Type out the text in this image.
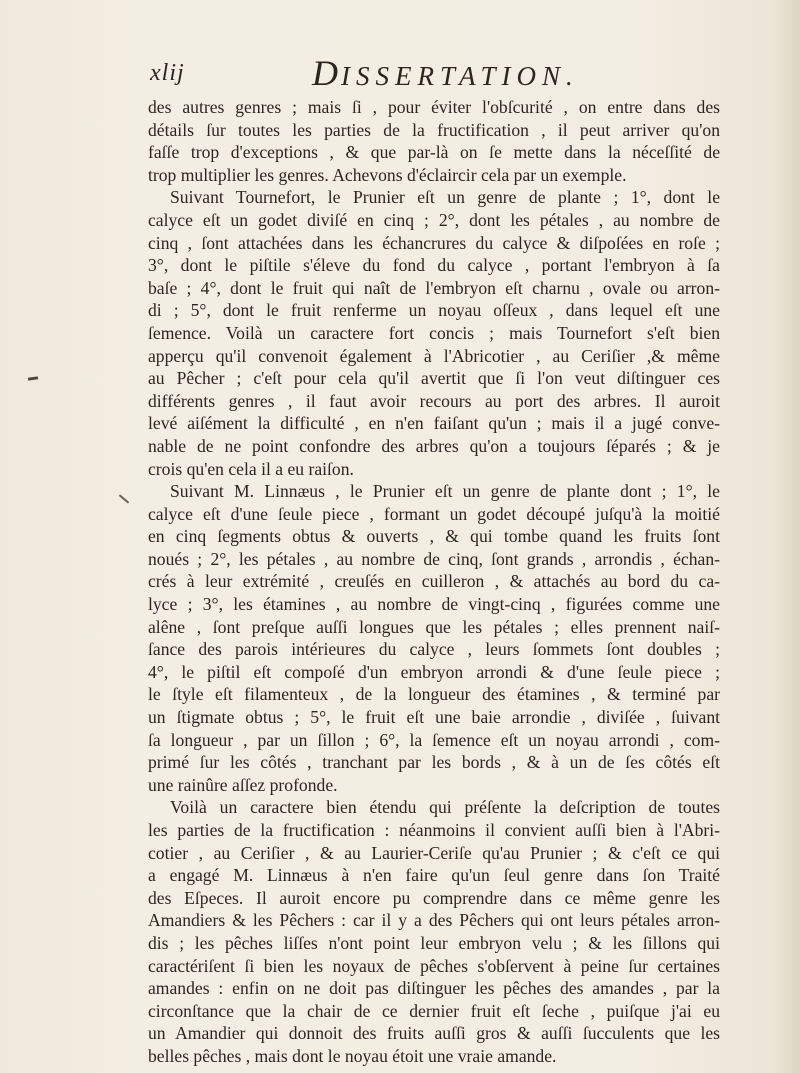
xlij	DISSERTATION.
des autres genres ; mais ſi , pour éviter l'obſcurité , on entre dans des
détails ſur toutes les parties de la fructification , il peut arriver qu'on
faſſe trop d'exceptions , & que par-là on ſe mette dans la néceſſité de
trop multiplier les genres. Achevons d'éclaircir cela par un exemple.
Suivant Tournefort, le Prunier eſt un genre de plante ; 1°, dont le
calyce eſt un godet diviſé en cinq ; 2°, dont les pétales , au nombre de
cinq , ſont attachées dans les échancrures du calyce & diſpoſées en roſe ;
3°, dont le piſtile s'éleve du fond du calyce , portant l'embryon à ſa
baſe ; 4°, dont le fruit qui naît de l'embryon eſt charnu , ovale ou arron-
di ; 5°, dont le fruit renferme un noyau oſſeux , dans lequel eſt une
ſemence. Voilà un caractere fort concis ; mais Tournefort s'eſt bien
apperçu qu'il convenoit également à l'Abricotier , au Ceriſier ,& même
au Pêcher ; c'eſt pour cela qu'il avertit que ſi l'on veut diſtinguer ces
différents genres , il faut avoir recours au port des arbres. Il auroit
levé aiſément la difficulté , en n'en faiſant qu'un ; mais il a jugé conve-
nable de ne point confondre des arbres qu'on a toujours ſéparés ; & je
crois qu'en cela il a eu raiſon.
Suivant M. Linnæus , le Prunier eſt un genre de plante dont ; 1°, le
calyce eſt d'une ſeule piece , formant un godet découpé juſqu'à la moitié
en cinq ſegments obtus & ouverts , & qui tombe quand les fruits ſont
noués ; 2°, les pétales , au nombre de cinq, ſont grands , arrondis , échan-
crés à leur extrémité , creuſés en cuilleron , & attachés au bord du ca-
lyce ; 3°, les étamines , au nombre de vingt-cinq , figurées comme une
alêne , ſont preſque auſſi longues que les pétales ; elles prennent naiſ-
ſance des parois intérieures du calyce , leurs ſommets ſont doubles ;
4°, le piſtil eſt compoſé d'un embryon arrondi & d'une ſeule piece ;
le ſtyle eſt filamenteux , de la longueur des étamines , & terminé par
un ſtigmate obtus ; 5°, le fruit eſt une baie arrondie , diviſée , ſuivant
ſa longueur , par un ſillon ; 6°, la ſemence eſt un noyau arrondi , com-
primé ſur les côtés , tranchant par les bords , & à un de ſes côtés eſt
une rainûre aſſez profonde.
Voilà un caractere bien étendu qui préſente la deſcription de toutes
les parties de la fructification : néanmoins il convient auſſi bien à l'Abri-
cotier , au Ceriſier , & au Laurier-Ceriſe qu'au Prunier ; & c'eſt ce qui
a engagé M. Linnæus à n'en faire qu'un ſeul genre dans ſon Traité
des Eſpeces. Il auroit encore pu comprendre dans ce même genre les
Amandiers & les Pêchers : car il y a des Pêchers qui ont leurs pétales arron-
dis ; les pêches liſſes n'ont point leur embryon velu ; & les ſillons qui
caractériſent ſi bien les noyaux de pêches s'obſervent à peine ſur certaines
amandes : enfin on ne doit pas diſtinguer les pêches des amandes , par la
circonſtance que la chair de ce dernier fruit eſt ſeche , puiſque j'ai eu
un Amandier qui donnoit des fruits auſſi gros & auſſi ſucculents que les
belles pêches , mais dont le noyau étoit une vraie amande.
